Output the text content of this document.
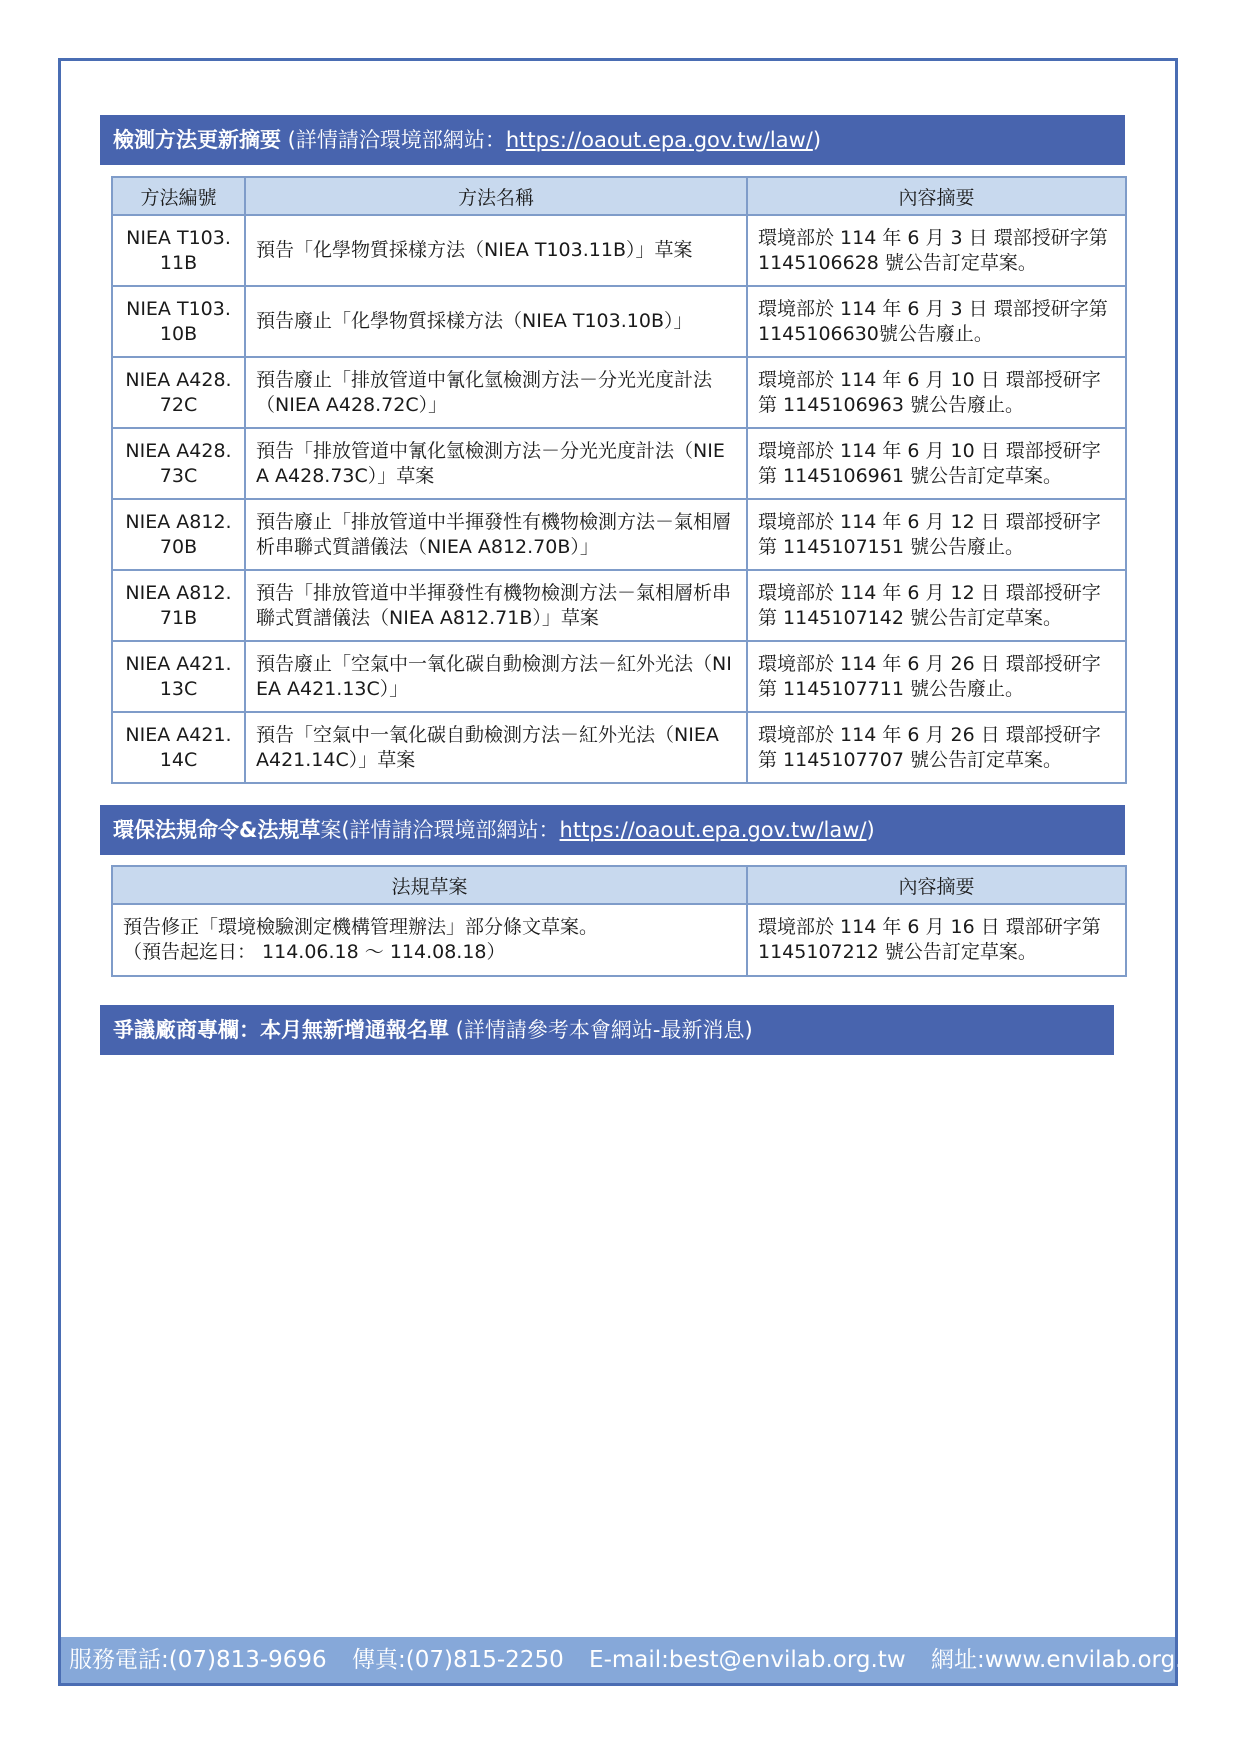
檢測方法更新摘要 (詳情請洽環境部網站：https://oaout.epa.gov.tw/law/)
方法編號	方法名稱	內容摘要
NIEA T103.11B	預告「化學物質採樣方法（NIEA T103.11B）」草案	環境部於 114 年 6 月 3 日 環部授研字第 1145106628 號公告訂定草案。
NIEA T103.10B	預告廢止「化學物質採樣方法（NIEA T103.10B）」	環境部於 114 年 6 月 3 日 環部授研字第1145106630號公告廢止。
NIEA A428.72C	預告廢止「排放管道中氰化氫檢測方法－分光光度計法（NIEA A428.72C）」	環境部於 114 年 6 月 10 日 環部授研字第 1145106963 號公告廢止。
NIEA A428.73C	預告「排放管道中氰化氫檢測方法－分光光度計法（NIEA A428.73C）」草案	環境部於 114 年 6 月 10 日 環部授研字第 1145106961 號公告訂定草案。
NIEA A812.70B	預告廢止「排放管道中半揮發性有機物檢測方法－氣相層析串聯式質譜儀法（NIEA A812.70B）」	環境部於 114 年 6 月 12 日 環部授研字第 1145107151 號公告廢止。
NIEA A812.71B	預告「排放管道中半揮發性有機物檢測方法－氣相層析串聯式質譜儀法（NIEA A812.71B）」草案	環境部於 114 年 6 月 12 日 環部授研字第 1145107142 號公告訂定草案。
NIEA A421.13C	預告廢止「空氣中一氧化碳自動檢測方法－紅外光法（NIEA A421.13C）」	環境部於 114 年 6 月 26 日 環部授研字第 1145107711 號公告廢止。
NIEA A421.14C	預告「空氣中一氧化碳自動檢測方法－紅外光法（NIEA A421.14C）」草案	環境部於 114 年 6 月 26 日 環部授研字第 1145107707 號公告訂定草案。
環保法規命令&法規草案(詳情請洽環境部網站：https://oaout.epa.gov.tw/law/)
法規草案	內容摘要

預告修正「環境檢驗測定機構管理辦法」部分條文草案。
（預告起迄日： 114.06.18 ～ 114.08.18）	環境部於 114 年 6 月 16 日 環部研字第 1145107212 號公告訂定草案。
爭議廠商專欄：本月無新增通報名單 (詳情請參考本會網站-最新消息)
服務電話:(07)813-9696 傳真:(07)815-2250 E-mail:best@envilab.org.tw 網址:www.envilab.org.tw
